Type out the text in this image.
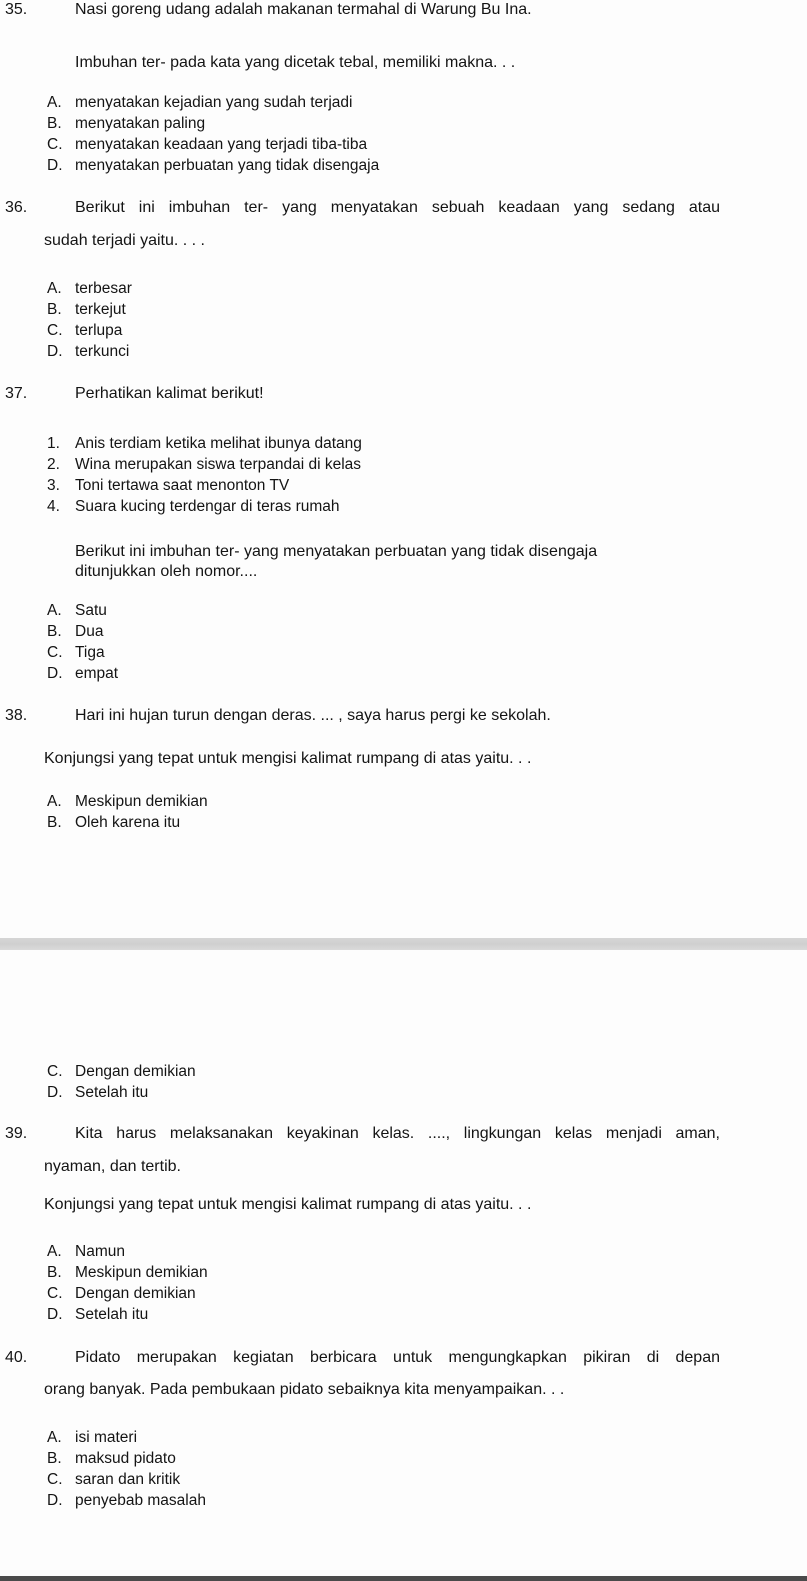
35.	Nasi goreng udang adalah makanan termahal di Warung Bu Ina.
Imbuhan ter- pada kata yang dicetak tebal, memiliki makna. . .
A. menyatakan kejadian yang sudah terjadi
B. menyatakan paling
C. menyatakan keadaan yang terjadi tiba-tiba
D. menyatakan perbuatan yang tidak disengaja
36.	Berikut ini imbuhan ter- yang menyatakan sebuah keadaan yang sedang atau
sudah terjadi yaitu. . . .
A. terbesar
B. terkejut
C. terlupa
D. terkunci
37.	Perhatikan kalimat berikut!
1. Anis terdiam ketika melihat ibunya datang
2. Wina merupakan siswa terpandai di kelas
3. Toni tertawa saat menonton TV
4. Suara kucing terdengar di teras rumah
Berikut ini imbuhan ter- yang menyatakan perbuatan yang tidak disengaja
ditunjukkan oleh nomor....
A. Satu
B. Dua
C. Tiga
D. empat
38.	Hari ini hujan turun dengan deras. ... , saya harus pergi ke sekolah.
Konjungsi yang tepat untuk mengisi kalimat rumpang di atas yaitu. . .
A. Meskipun demikian
B. Oleh karena itu
C. Dengan demikian
D. Setelah itu
39.	Kita harus melaksanakan keyakinan kelas. ...., lingkungan kelas menjadi aman,
nyaman, dan tertib.
Konjungsi yang tepat untuk mengisi kalimat rumpang di atas yaitu. . .
A. Namun
B. Meskipun demikian
C. Dengan demikian
D. Setelah itu
40.	Pidato merupakan kegiatan berbicara untuk mengungkapkan pikiran di depan
orang banyak. Pada pembukaan pidato sebaiknya kita menyampaikan. . .
A. isi materi
B. maksud pidato
C. saran dan kritik
D. penyebab masalah
